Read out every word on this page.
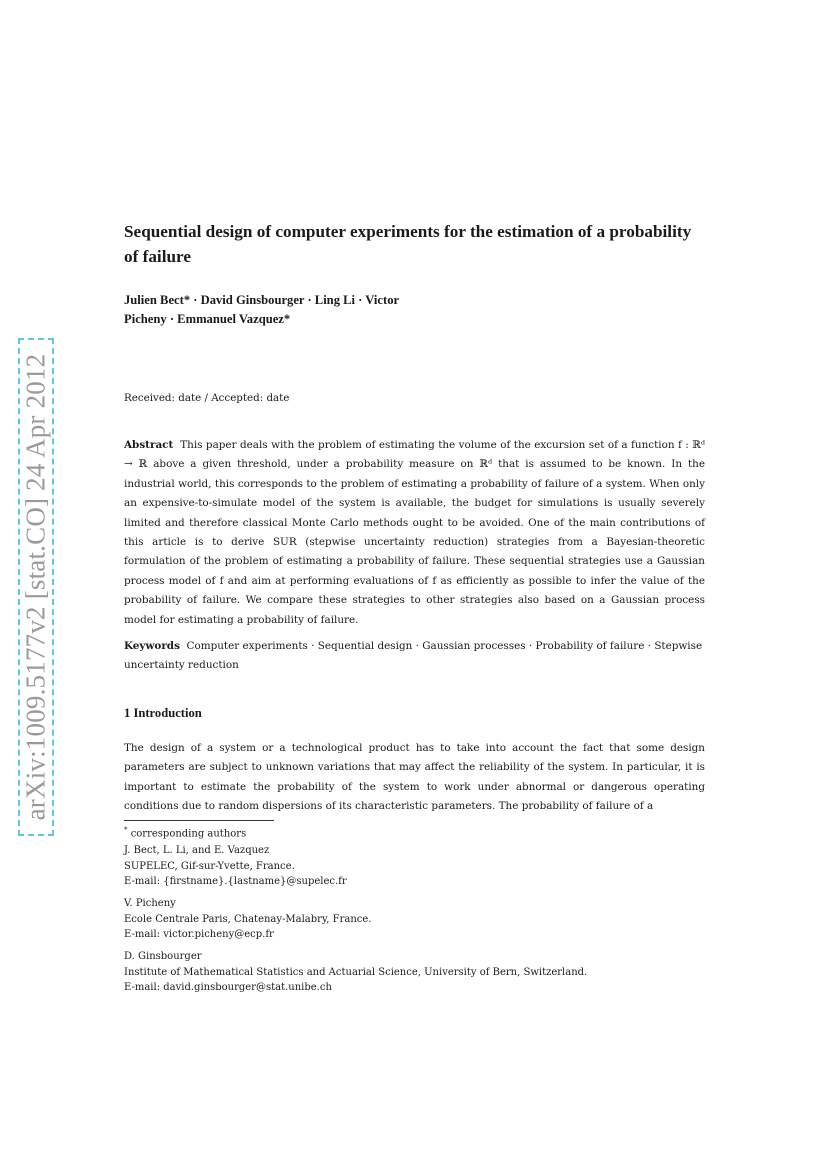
arXiv:1009.5177v2 [stat.CO] 24 Apr 2012
Sequential design of computer experiments for the estimation of a probability of failure
Julien Bect* · David Ginsbourger · Ling Li · Victor
Picheny · Emmanuel Vazquez*

Received: date / Accepted: date

Abstract This paper deals with the problem of estimating the volume of the excursion set of a function f : ℝᵈ → ℝ above a given threshold, under a probability measure on ℝᵈ that is assumed to be known. In the industrial world, this corresponds to the problem of estimating a probability of failure of a system. When only an expensive-to-simulate model of the system is available, the budget for simulations is usually severely limited and therefore classical Monte Carlo methods ought to be avoided. One of the main contributions of this article is to derive SUR (stepwise uncertainty reduction) strategies from a Bayesian-theoretic formulation of the problem of estimating a probability of failure. These sequential strategies use a Gaussian process model of f and aim at performing evaluations of f as efficiently as possible to infer the value of the probability of failure. We compare these strategies to other strategies also based on a Gaussian process model for estimating a probability of failure.

Keywords Computer experiments · Sequential design · Gaussian processes · Probability of failure · Stepwise uncertainty reduction

1 Introduction

The design of a system or a technological product has to take into account the fact that some design parameters are subject to unknown variations that may affect the reliability of the system. In particular, it is important to estimate the probability of the system to work under abnormal or dangerous operating conditions due to random dispersions of its characteristic parameters. The probability of failure of a

* corresponding authors
J. Bect, L. Li, and E. Vazquez
SUPELEC, Gif-sur-Yvette, France.
E-mail: {firstname}.{lastname}@supelec.fr
V. Picheny
Ecole Centrale Paris, Chatenay-Malabry, France.
E-mail: victor.picheny@ecp.fr
D. Ginsbourger
Institute of Mathematical Statistics and Actuarial Science, University of Bern, Switzerland.
E-mail: david.ginsbourger@stat.unibe.ch
